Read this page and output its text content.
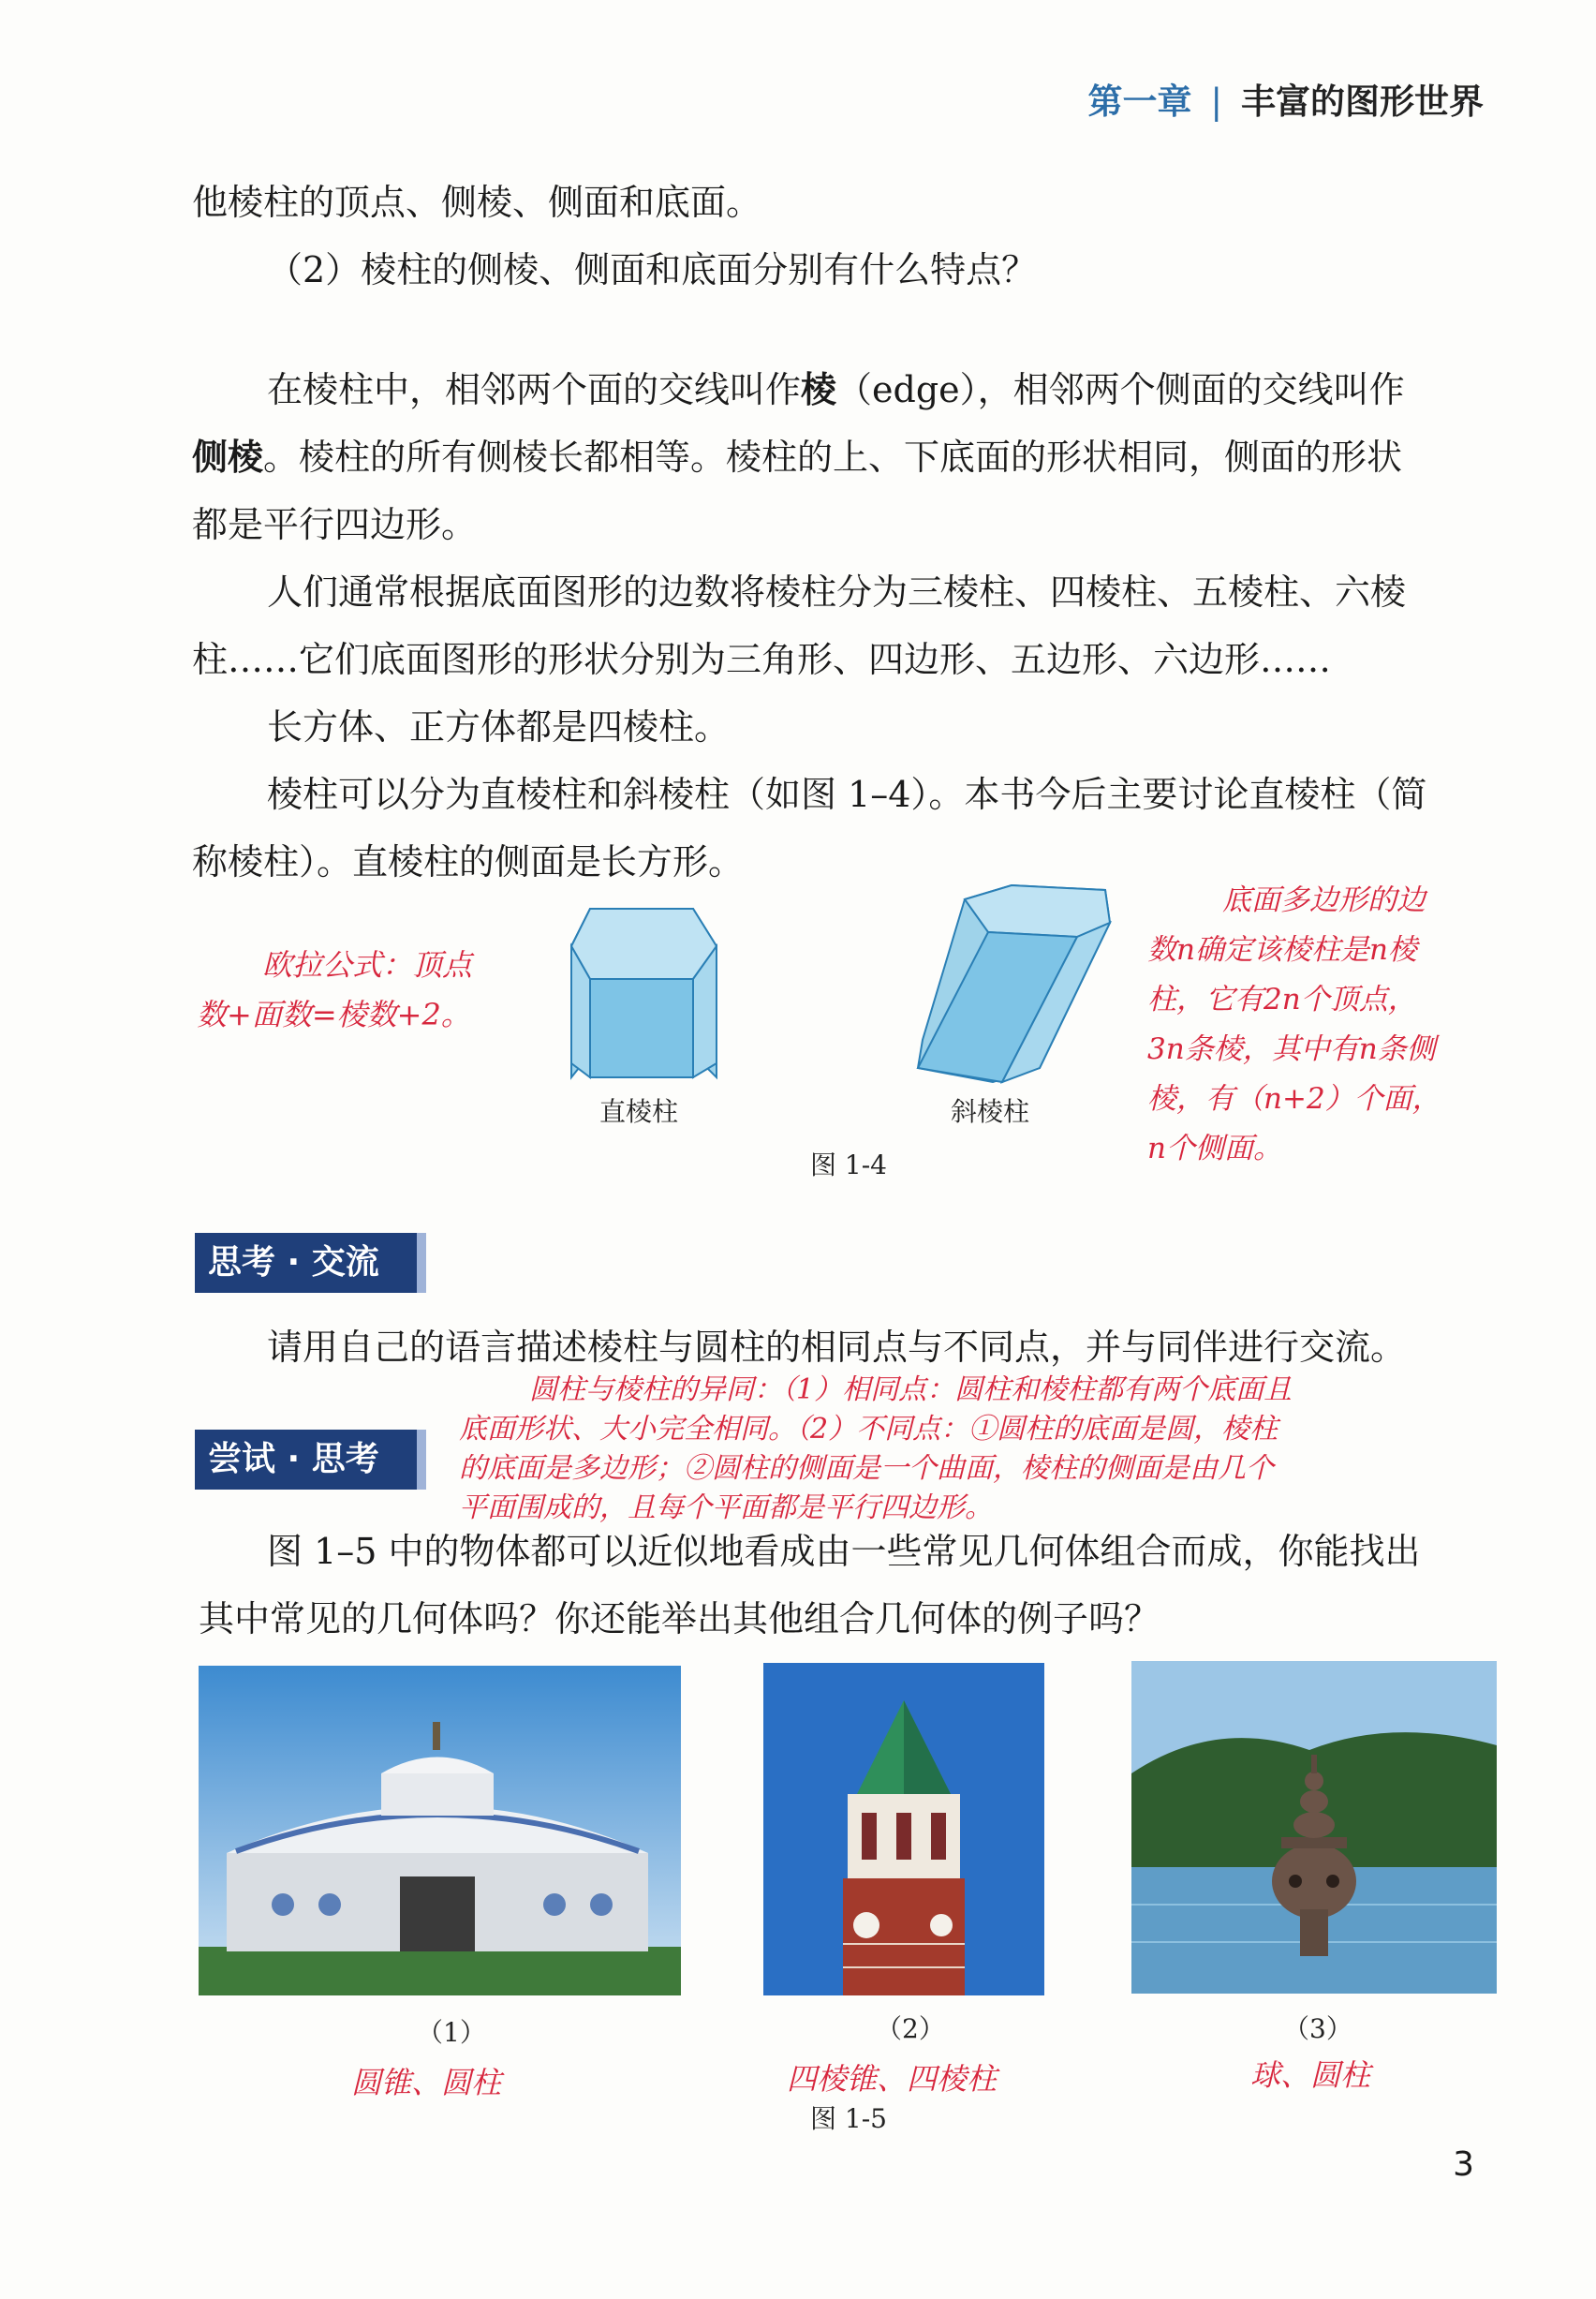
第一章 | 丰富的图形世界
他棱柱的顶点、侧棱、侧面和底面。
（2）棱柱的侧棱、侧面和底面分别有什么特点？
在棱柱中，相邻两个面的交线叫作棱（edge），相邻两个侧面的交线叫作
侧棱。棱柱的所有侧棱长都相等。棱柱的上、下底面的形状相同，侧面的形状
都是平行四边形。
人们通常根据底面图形的边数将棱柱分为三棱柱、四棱柱、五棱柱、六棱
柱……它们底面图形的形状分别为三角形、四边形、五边形、六边形……
长方体、正方体都是四棱柱。
棱柱可以分为直棱柱和斜棱柱（如图 1–4）。本书今后主要讨论直棱柱（简
称棱柱）。直棱柱的侧面是长方形。
直棱柱	斜棱柱
图 1-4
欧拉公式：顶点
数+面数=棱数+2。
底面多边形的边
数n确定该棱柱是n棱
柱，它有2n个顶点，
3n条棱，其中有n条侧
棱，有（n+2）个面，
n个侧面。
思考 · 交流
请用自己的语言描述棱柱与圆柱的相同点与不同点，并与同伴进行交流。
圆柱与棱柱的异同：（1）相同点：圆柱和棱柱都有两个底面且
底面形状、大小完全相同。（2）不同点：①圆柱的底面是圆，棱柱
的底面是多边形；②圆柱的侧面是一个曲面，棱柱的侧面是由几个
平面围成的，且每个平面都是平行四边形。
尝试 · 思考
图 1–5 中的物体都可以近似地看成由一些常见几何体组合而成，你能找出
其中常见的几何体吗？你还能举出其他组合几何体的例子吗？
（1）	（2）	（3）
圆锥、圆柱	四棱锥、四棱柱	球、圆柱
图 1-5
3
